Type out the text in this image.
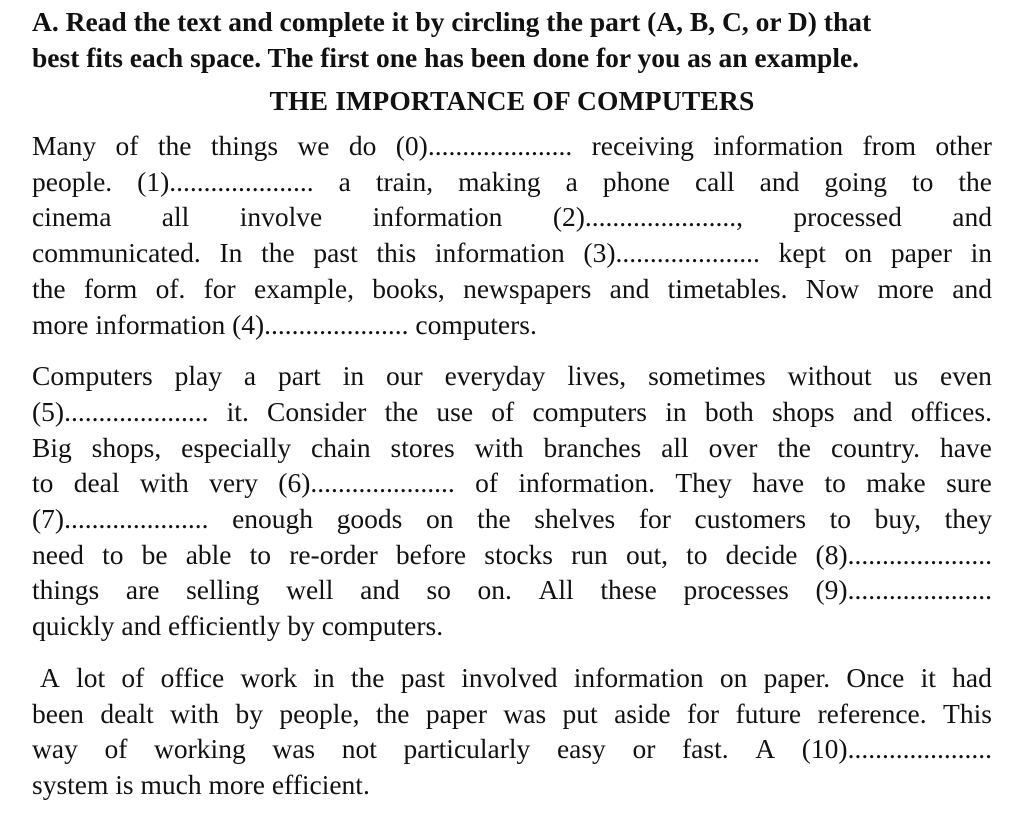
A. Read the text and complete it by circling the part (A, B, C, or D) that
best fits each space. The first one has been done for you as an example.
THE IMPORTANCE OF COMPUTERS
Many of the things we do (0)..................... receiving information from other
people. (1)..................... a train, making a phone call and going to the
cinema all involve information (2)......................, processed and
communicated. In the past this information (3)..................... kept on paper in
the form of. for example, books, newspapers and timetables. Now more and
more information (4)..................... computers.
Computers play a part in our everyday lives, sometimes without us even
(5)..................... it. Consider the use of computers in both shops and offices.
Big shops, especially chain stores with branches all over the country. have
to deal with very (6)..................... of information. They have to make sure
(7)..................... enough goods on the shelves for customers to buy, they
need to be able to re-order before stocks run out, to decide (8).....................
things are selling well and so on. All these processes (9).....................
quickly and efficiently by computers.
A lot of office work in the past involved information on paper. Once it had
been dealt with by people, the paper was put aside for future reference. This
way of working was not particularly easy or fast. A (10).....................
system is much more efficient.
